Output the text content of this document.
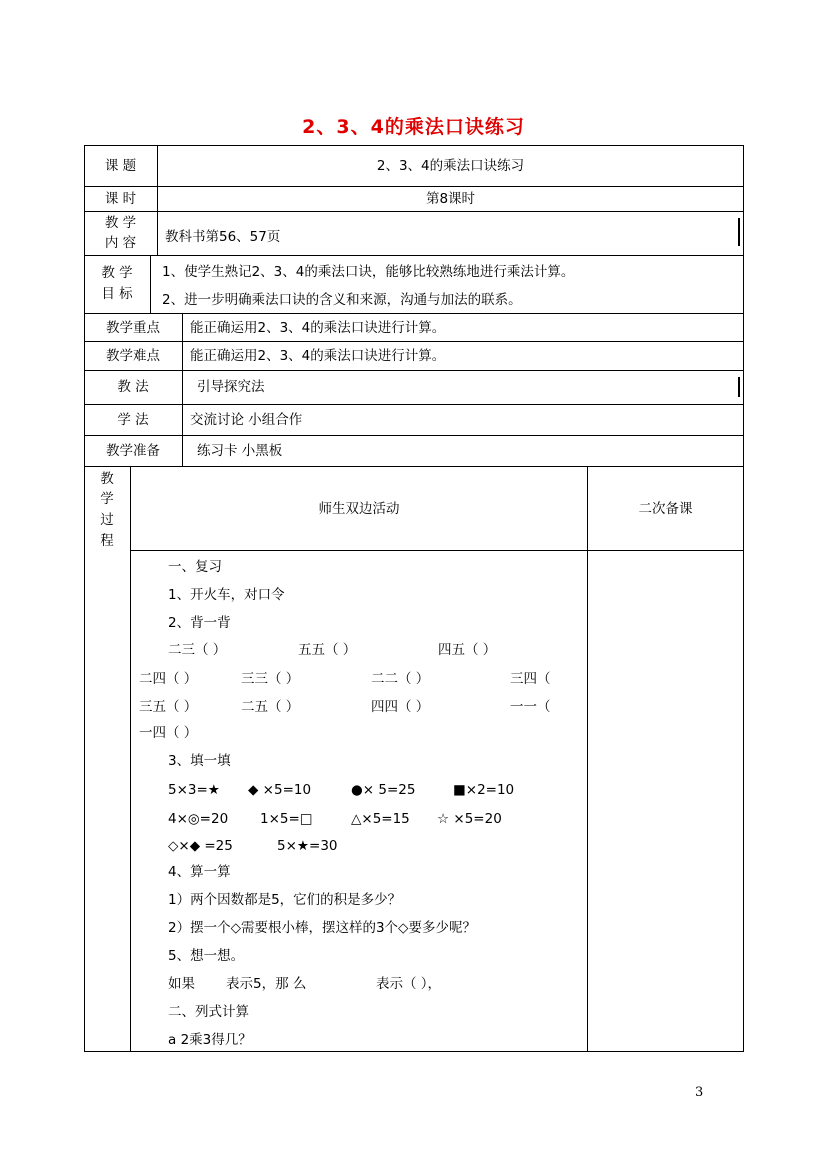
2、3、4的乘法口诀练习
课 题	2、3、4的乘法口诀练习
课 时	第8课时
教 学
内 容	教科书第56、57页
教 学
目 标
1、使学生熟记2、3、4的乘法口诀，能够比较熟练地进行乘法计算。
2、进一步明确乘法口诀的含义和来源，沟通与加法的联系。
教学重点	能正确运用2、3、4的乘法口诀进行计算。
教学难点	能正确运用2、3、4的乘法口诀进行计算。
教 法	引导探究法
学 法	交流讨论 小组合作
教学准备	练习卡 小黑板
教
学
过
程
师生双边活动	二次备课
一、复习
1、开火车，对口令
2、背一背
二三（ ）	五五（ ）	四五（ ）
二四（ ）	三三（ ）	二二（ ）	三四（
三五（ ）	二五（ ）	四四（ ）	一一（
一四（ ）
3、填一填
5×3=★ ◆ ×5=10	●× 5=25	■×2=10
4×◎=20 1×5=□	△×5=15 ☆ ×5=20
◇×◆ =25	5×★=30
4、算一算
1）两个因数都是5，它们的积是多少？
2）摆一个◇需要根小棒，摆这样的3个◇要多少呢？
5、想一想。
如果 表示5，那 么	表示（ ），
二、列式计算
a 2乘3得几？
3
